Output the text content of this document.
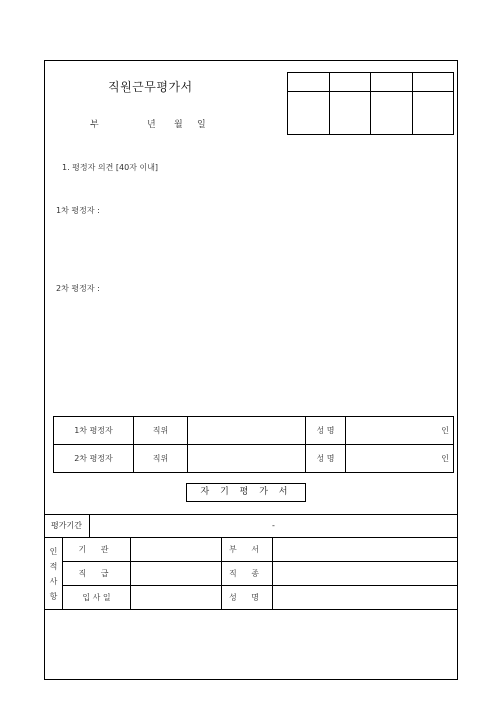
직원근무평가서
부	년 월 일

1. 평정자 의견 [40자 이내]
1차 평정자 :
2차 평정자 :
1차 평정자	직위		성 명	인
2차 평정자	직위		성 명	인
자 기 평 가 서
평가기간	-
인
적
사
항	기 관		부 서	
	직 급		직 종	
	입 사 일		성 명	
